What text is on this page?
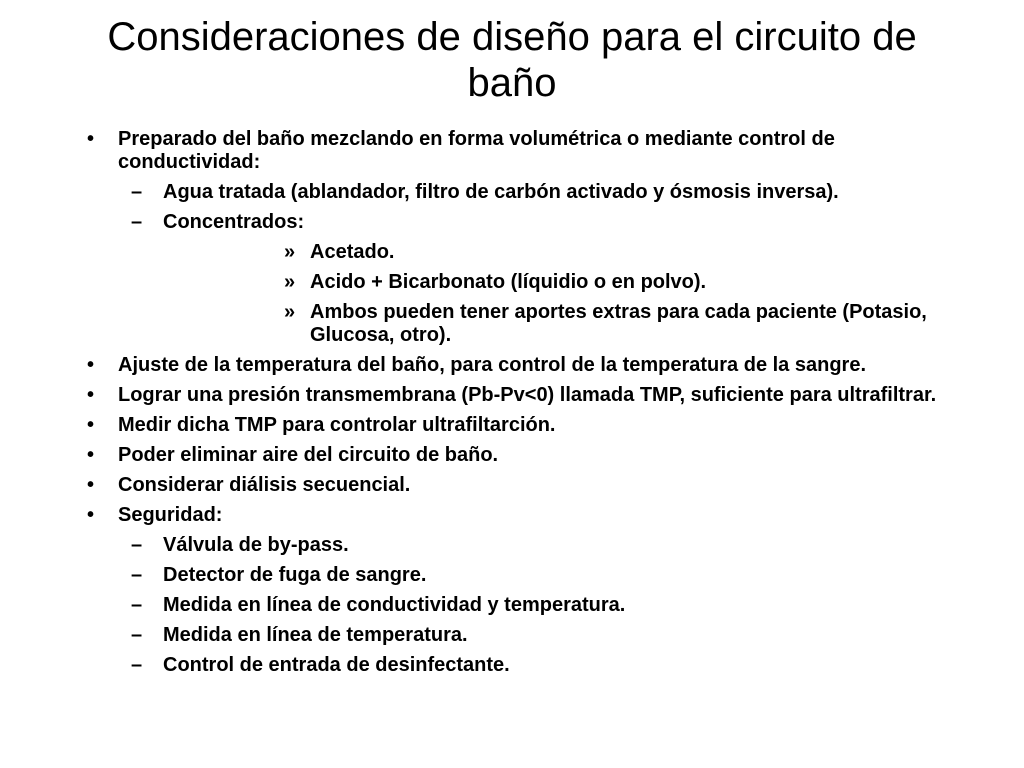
Consideraciones de diseño para el circuito de baño
• Preparado del baño mezclando en forma volumétrica o mediante control de conductividad:
– Agua tratada (ablandador, filtro de carbón activado y ósmosis inversa).
– Concentrados:
» Acetado.
» Acido + Bicarbonato (líquidio o en polvo).
» Ambos pueden tener aportes extras para cada paciente (Potasio, Glucosa, otro).
• Ajuste de la temperatura del baño, para control de la temperatura de la sangre.
• Lograr una presión transmembrana (Pb-Pv<0) llamada TMP, suficiente para ultrafiltrar.
• Medir dicha TMP para controlar ultrafiltarción.
• Poder eliminar aire del circuito de baño.
• Considerar diálisis secuencial.
• Seguridad:
– Válvula de by-pass.
– Detector de fuga de sangre.
– Medida en línea de conductividad y temperatura.
– Medida en línea de temperatura.
– Control de entrada de desinfectante.
